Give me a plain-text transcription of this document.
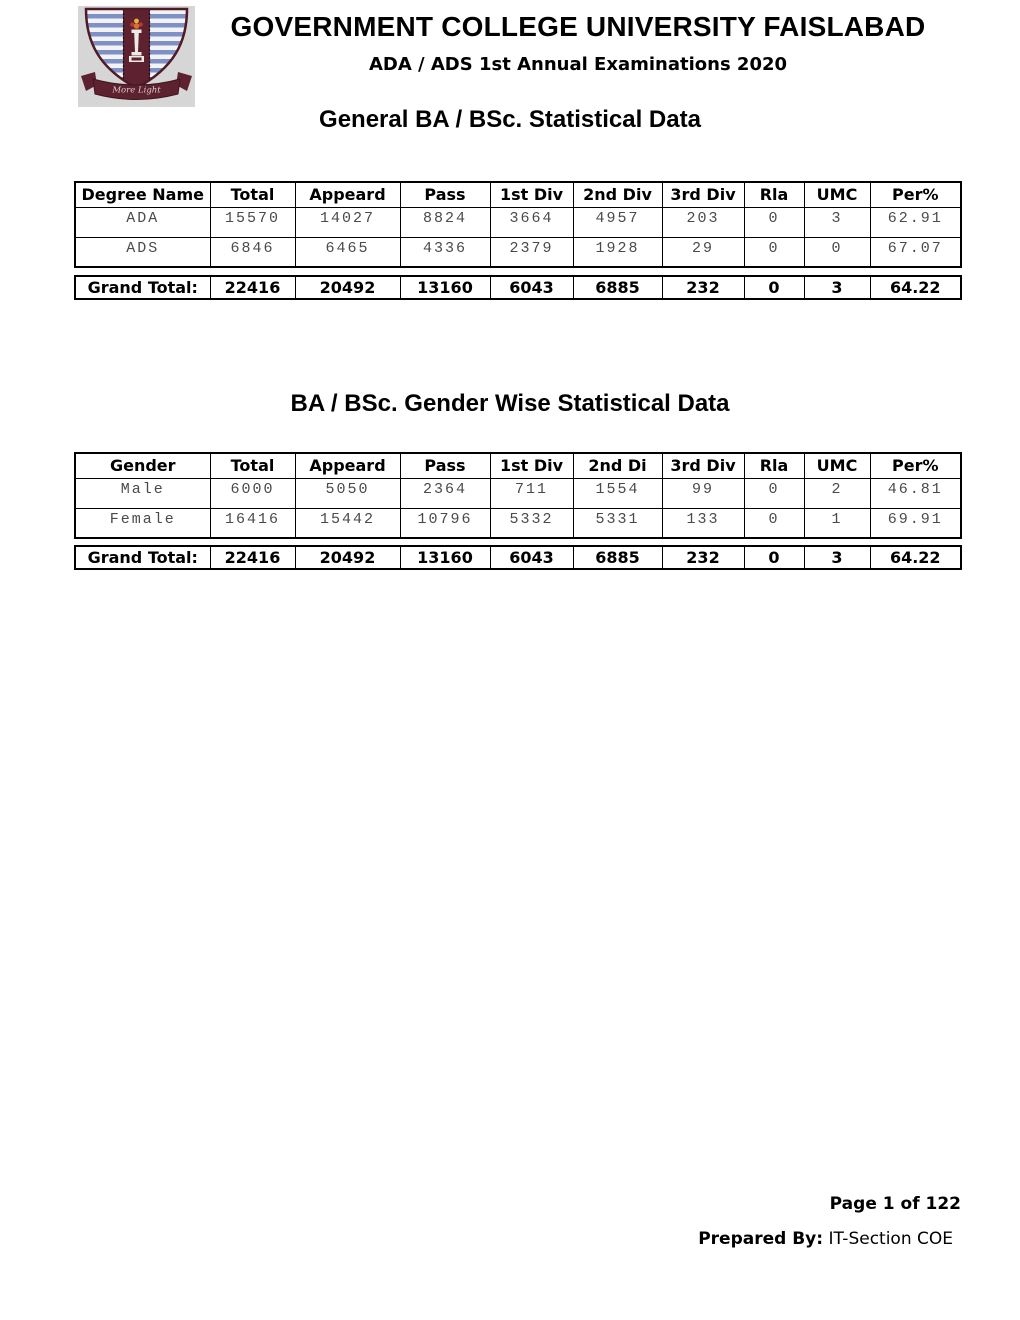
More Light
GOVERNMENT COLLEGE UNIVERSITY FAISLABAD
ADA / ADS 1st Annual Examinations 2020
General BA / BSc. Statistical Data
Degree Name	Total	Appeard	Pass	1st Div	2nd Div	3rd Div	Rla	UMC	Per%
ADA	15570	14027	8824	3664	4957	203	0	3	62.91
ADS	6846	6465	4336	2379	1928	29	0	0	67.07
Grand Total:	22416	20492	13160	6043	6885	232	0	3	64.22
BA / BSc. Gender Wise Statistical Data
Gender	Total	Appeard	Pass	1st Div	2nd Di	3rd Div	Rla	UMC	Per%
Male	6000	5050	2364	711	1554	99	0	2	46.81
Female	16416	15442	10796	5332	5331	133	0	1	69.91
Grand Total:	22416	20492	13160	6043	6885	232	0	3	64.22
Page 1 of 122
Prepared By: IT-Section COE
